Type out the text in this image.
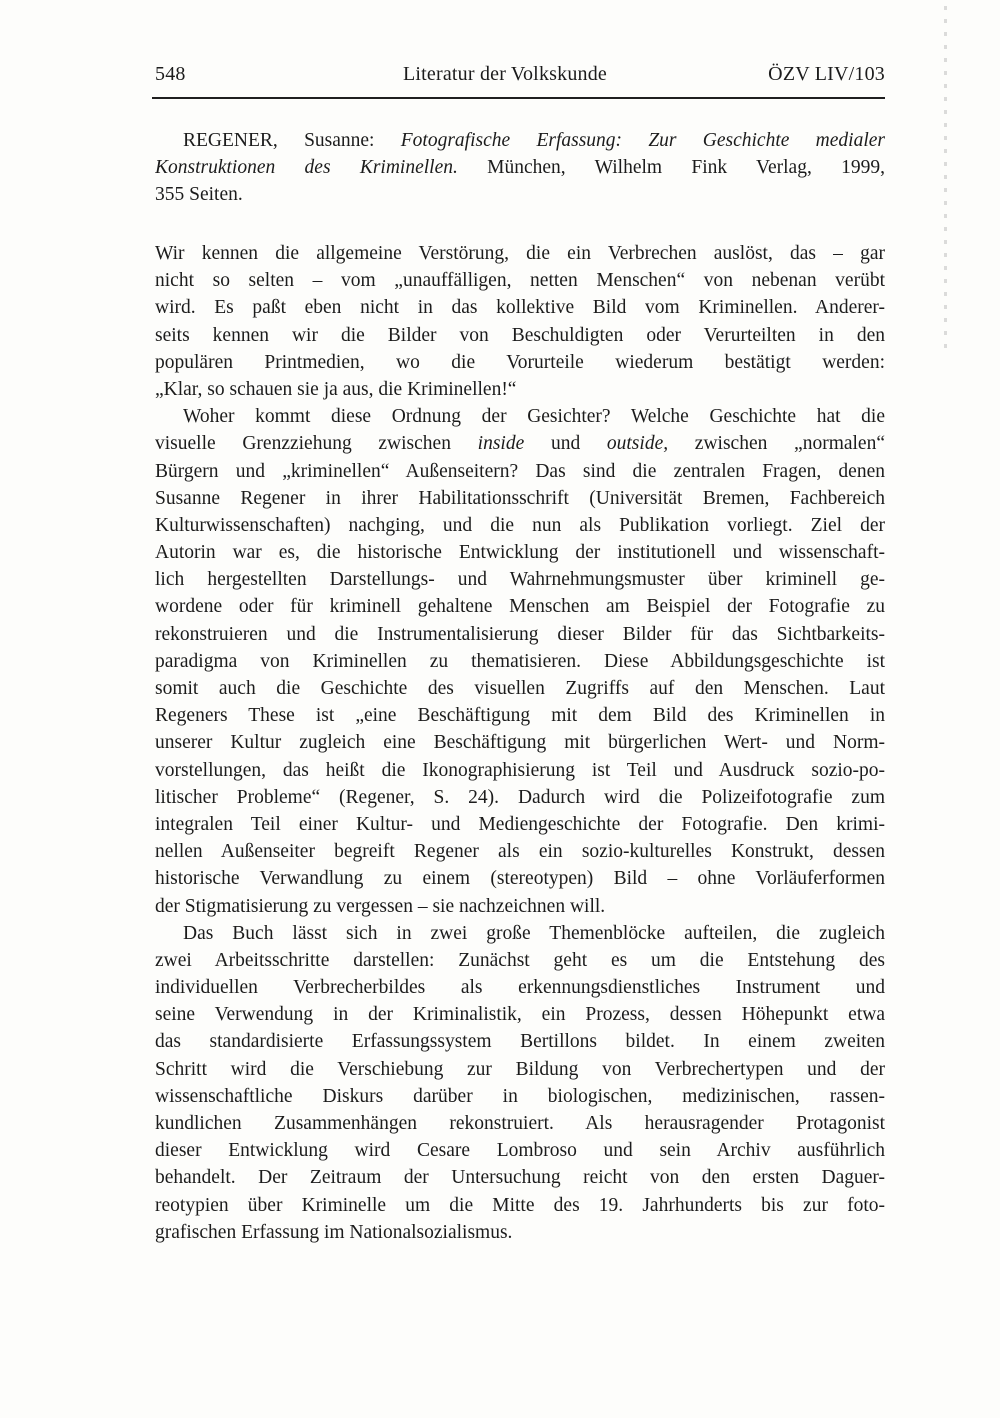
548	Literatur der Volkskunde	ÖZV LIV/103
REGENER, Susanne: Fotografische Erfassung: Zur Geschichte medialer
Konstruktionen des Kriminellen. München, Wilhelm Fink Verlag, 1999,
355 Seiten.
Wir kennen die allgemeine Verstörung, die ein Verbrechen auslöst, das – gar
nicht so selten – vom „unauffälligen, netten Menschen“ von nebenan verübt
wird. Es paßt eben nicht in das kollektive Bild vom Kriminellen. Anderer-
seits kennen wir die Bilder von Beschuldigten oder Verurteilten in den
populären Printmedien, wo die Vorurteile wiederum bestätigt werden:
„Klar, so schauen sie ja aus, die Kriminellen!“
Woher kommt diese Ordnung der Gesichter? Welche Geschichte hat die
visuelle Grenzziehung zwischen inside und outside, zwischen „normalen“
Bürgern und „kriminellen“ Außenseitern? Das sind die zentralen Fragen, denen
Susanne Regener in ihrer Habilitationsschrift (Universität Bremen, Fachbereich
Kulturwissenschaften) nachging, und die nun als Publikation vorliegt. Ziel der
Autorin war es, die historische Entwicklung der institutionell und wissenschaft-
lich hergestellten Darstellungs- und Wahrnehmungsmuster über kriminell ge-
wordene oder für kriminell gehaltene Menschen am Beispiel der Fotografie zu
rekonstruieren und die Instrumentalisierung dieser Bilder für das Sichtbarkeits-
paradigma von Kriminellen zu thematisieren. Diese Abbildungsgeschichte ist
somit auch die Geschichte des visuellen Zugriffs auf den Menschen. Laut
Regeners These ist „eine Beschäftigung mit dem Bild des Kriminellen in
unserer Kultur zugleich eine Beschäftigung mit bürgerlichen Wert- und Norm-
vorstellungen, das heißt die Ikonographisierung ist Teil und Ausdruck sozio-po-
litischer Probleme“ (Regener, S. 24). Dadurch wird die Polizeifotografie zum
integralen Teil einer Kultur- und Mediengeschichte der Fotografie. Den krimi-
nellen Außenseiter begreift Regener als ein sozio-kulturelles Konstrukt, dessen
historische Verwandlung zu einem (stereotypen) Bild – ohne Vorläuferformen
der Stigmatisierung zu vergessen – sie nachzeichnen will.
Das Buch lässt sich in zwei große Themenblöcke aufteilen, die zugleich
zwei Arbeitsschritte darstellen: Zunächst geht es um die Entstehung des
individuellen Verbrecherbildes als erkennungsdienstliches Instrument und
seine Verwendung in der Kriminalistik, ein Prozess, dessen Höhepunkt etwa
das standardisierte Erfassungssystem Bertillons bildet. In einem zweiten
Schritt wird die Verschiebung zur Bildung von Verbrechertypen und der
wissenschaftliche Diskurs darüber in biologischen, medizinischen, rassen-
kundlichen Zusammenhängen rekonstruiert. Als herausragender Protagonist
dieser Entwicklung wird Cesare Lombroso und sein Archiv ausführlich
behandelt. Der Zeitraum der Untersuchung reicht von den ersten Daguer-
reotypien über Kriminelle um die Mitte des 19. Jahrhunderts bis zur foto-
grafischen Erfassung im Nationalsozialismus.
